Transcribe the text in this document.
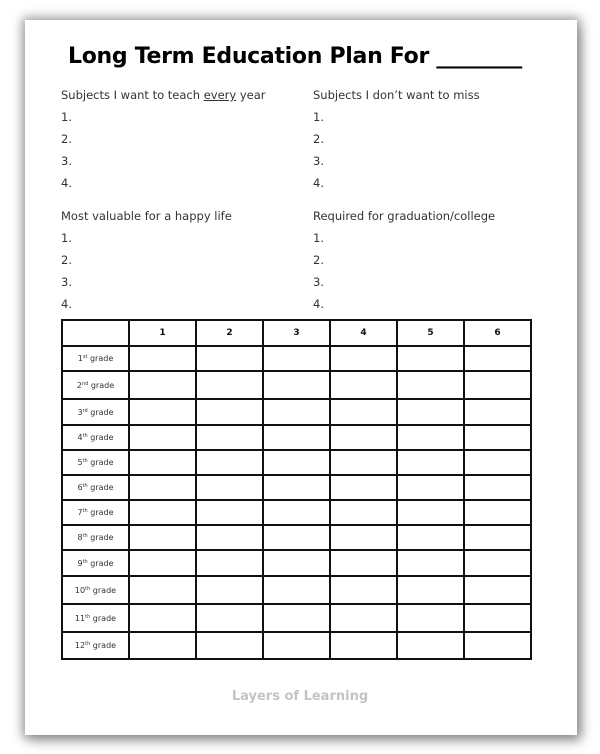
Long Term Education Plan For ________
Subjects I want to teach every year
1.
2.
3.
4.
Subjects I don’t want to miss
1.
2.
3.
4.
Most valuable for a happy life
1.
2.
3.
4.
Required for graduation/college
1.
2.
3.
4.
	1	2	3	4	5	6
1st grade						
2nd grade						
3rd grade						
4th grade						
5th grade						
6th grade						
7th grade						
8th grade						
9th grade						
10th grade						
11th grade						
12th grade						
Layers of Learning
